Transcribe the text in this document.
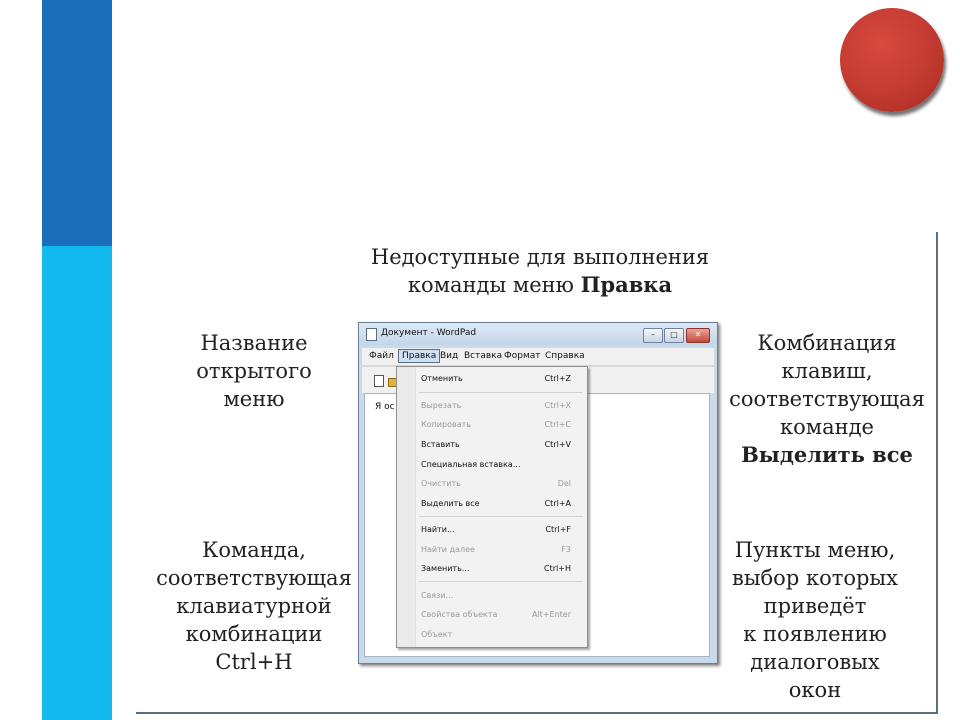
Недоступные для выполнения
команды меню Правка
Название
открытого
меню
Команда,
соответствующая
клавиатурной
комбинации
Ctrl+H
Комбинация
клавиш,
соответствующая
команде
Выделить все
Пункты меню,
выбор которых
приведёт
к появлению
диалоговых
окон
Документ - WordPad	–	□	✕
Файл Правка Вид Вставка Формат Справка
Я ос
Отменить	Ctrl+Z
Вырезать	Ctrl+X
Копировать	Ctrl+C
Вставить	Ctrl+V
Специальная вставка...
Очистить	Del
Выделить все	Ctrl+A
Найти...	Ctrl+F
Найти далее	F3
Заменить...	Ctrl+H
Связи...
Свойства объекта	Alt+Enter
Объект
